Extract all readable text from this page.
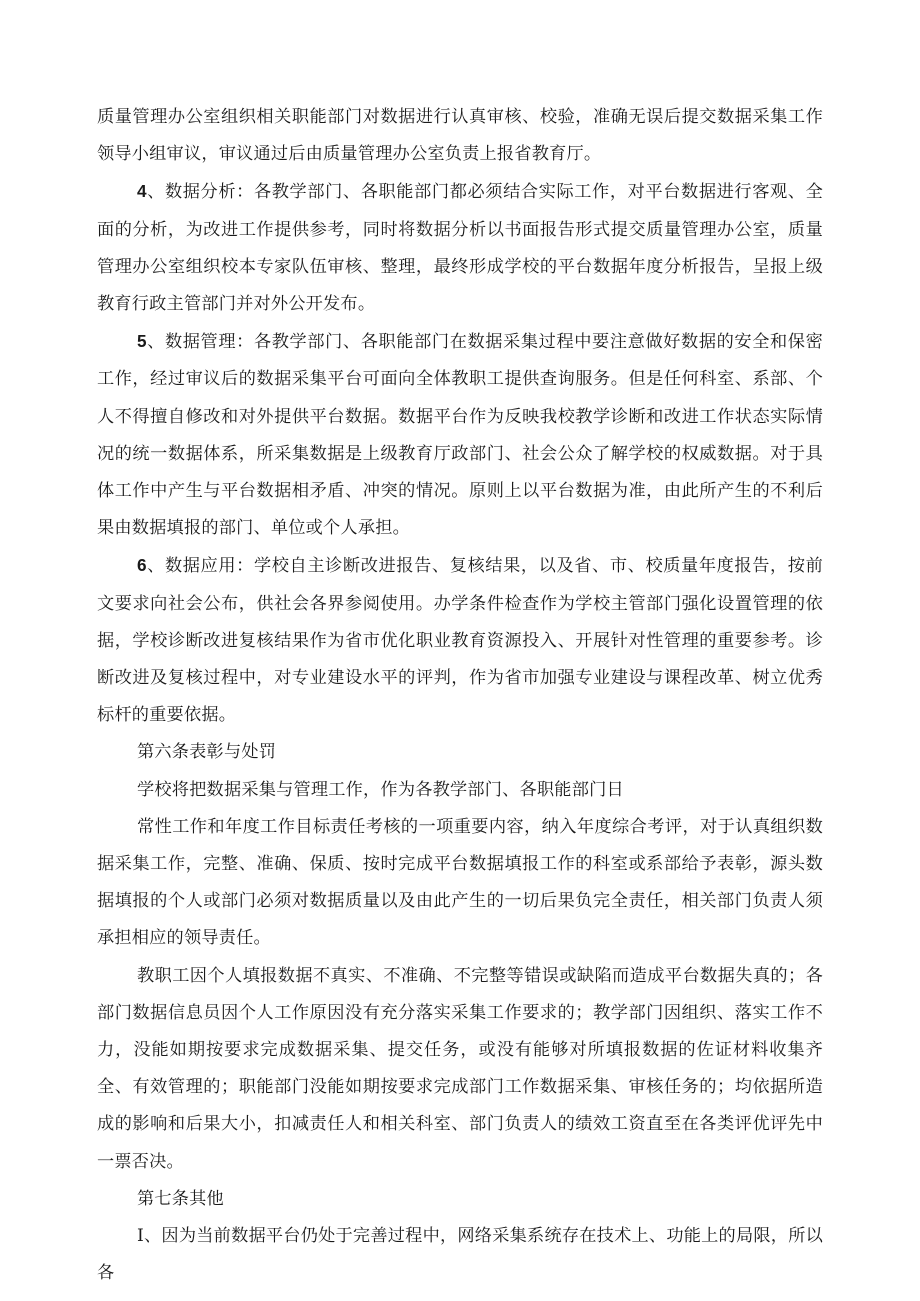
质量管理办公室组织相关职能部门对数据进行认真审核、校验，准确无误后提交数据采集工作领导小组审议，审议通过后由质量管理办公室负责上报省教育厅。

4、数据分析：各教学部门、各职能部门都必须结合实际工作，对平台数据进行客观、全面的分析，为改进工作提供参考，同时将数据分析以书面报告形式提交质量管理办公室，质量管理办公室组织校本专家队伍审核、整理，最终形成学校的平台数据年度分析报告，呈报上级教育行政主管部门并对外公开发布。

5、数据管理：各教学部门、各职能部门在数据采集过程中要注意做好数据的安全和保密工作，经过审议后的数据采集平台可面向全体教职工提供查询服务。但是任何科室、系部、个人不得擅自修改和对外提供平台数据。数据平台作为反映我校教学诊断和改进工作状态实际情况的统一数据体系，所采集数据是上级教育厅政部门、社会公众了解学校的权威数据。对于具体工作中产生与平台数据相矛盾、冲突的情况。原则上以平台数据为准，由此所产生的不利后果由数据填报的部门、单位或个人承担。

6、数据应用：学校自主诊断改进报告、复核结果，以及省、市、校质量年度报告，按前文要求向社会公布，供社会各界参阅使用。办学条件检查作为学校主管部门强化设置管理的依据，学校诊断改进复核结果作为省市优化职业教育资源投入、开展针对性管理的重要参考。诊断改进及复核过程中，对专业建设水平的评判，作为省市加强专业建设与课程改革、树立优秀标杆的重要依据。

第六条表彰与处罚

学校将把数据采集与管理工作，作为各教学部门、各职能部门日

常性工作和年度工作目标责任考核的一项重要内容，纳入年度综合考评，对于认真组织数据采集工作，完整、准确、保质、按时完成平台数据填报工作的科室或系部给予表彰，源头数据填报的个人或部门必须对数据质量以及由此产生的一切后果负完全责任，相关部门负责人须承担相应的领导责任。

教职工因个人填报数据不真实、不准确、不完整等错误或缺陷而造成平台数据失真的；各部门数据信息员因个人工作原因没有充分落实采集工作要求的；教学部门因组织、落实工作不力，没能如期按要求完成数据采集、提交任务，或没有能够对所填报数据的佐证材料收集齐全、有效管理的；职能部门没能如期按要求完成部门工作数据采集、审核任务的；均依据所造成的影响和后果大小，扣减责任人和相关科室、部门负责人的绩效工资直至在各类评优评先中一票否决。

第七条其他

I、因为当前数据平台仍处于完善过程中，网络采集系统存在技术上、功能上的局限，所以各
